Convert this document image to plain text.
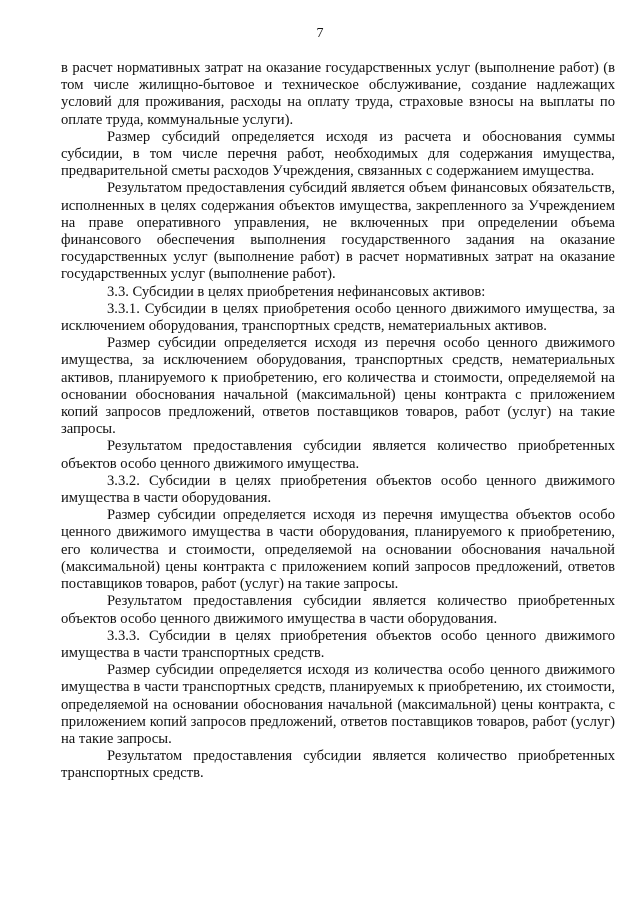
7

в расчет нормативных затрат на оказание государственных услуг (выполнение работ) (в том числе жилищно-бытовое и техническое обслуживание, создание надлежащих условий для проживания, расходы на оплату труда, страховые взносы на выплаты по оплате труда, коммунальные услуги).

Размер субсидий определяется исходя из расчета и обоснования суммы субсидии, в том числе перечня работ, необходимых для содержания имущества, предварительной сметы расходов Учреждения, связанных с содержанием имущества.

Результатом предоставления субсидий является объем финансовых обязательств, исполненных в целях содержания объектов имущества, закрепленного за Учреждением на праве оперативного управления, не включенных при определении объема финансового обеспечения выполнения государственного задания на оказание государственных услуг (выполнение работ) в расчет нормативных затрат на оказание государственных услуг (выполнение работ).

3.3. Субсидии в целях приобретения нефинансовых активов:

3.3.1. Субсидии в целях приобретения особо ценного движимого имущества, за исключением оборудования, транспортных средств, нематериальных активов.

Размер субсидии определяется исходя из перечня особо ценного движимого имущества, за исключением оборудования, транспортных средств, нематериальных активов, планируемого к приобретению, его количества и стоимости, определяемой на основании обоснования начальной (максимальной) цены контракта с приложением копий запросов предложений, ответов поставщиков товаров, работ (услуг) на такие запросы.

Результатом предоставления субсидии является количество приобретенных объектов особо ценного движимого имущества.

3.3.2. Субсидии в целях приобретения объектов особо ценного движимого имущества в части оборудования.

Размер субсидии определяется исходя из перечня имущества объектов особо ценного движимого имущества в части оборудования, планируемого к приобретению, его количества и стоимости, определяемой на основании обоснования начальной (максимальной) цены контракта с приложением копий запросов предложений, ответов поставщиков товаров, работ (услуг) на такие запросы.

Результатом предоставления субсидии является количество приобретенных объектов особо ценного движимого имущества в части оборудования.

3.3.3. Субсидии в целях приобретения объектов особо ценного движимого имущества в части транспортных средств.

Размер субсидии определяется исходя из количества особо ценного движимого имущества в части транспортных средств, планируемых к приобретению, их стоимости, определяемой на основании обоснования начальной (максимальной) цены контракта, с приложением копий запросов предложений, ответов поставщиков товаров, работ (услуг) на такие запросы.

Результатом предоставления субсидии является количество приобретенных транспортных средств.
